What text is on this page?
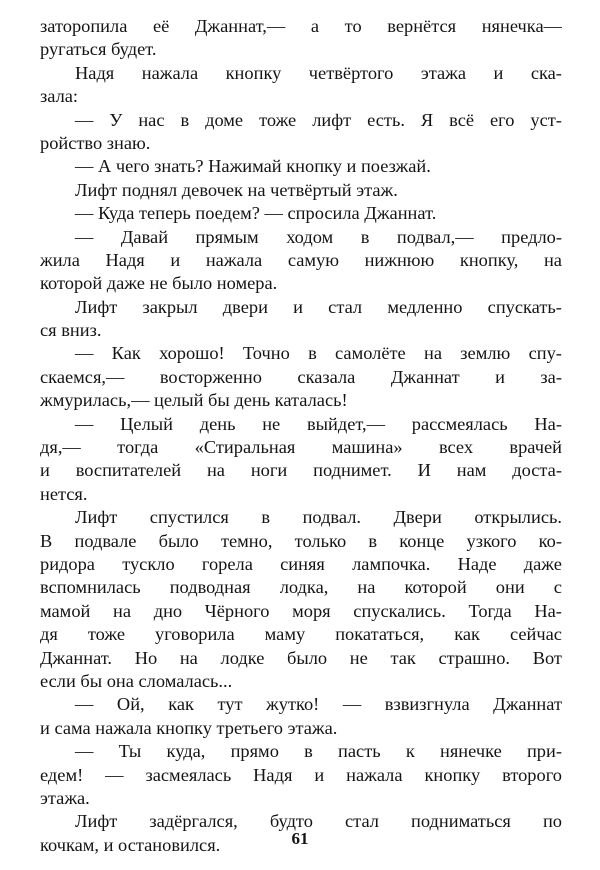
заторопила её Джаннат,— а то вернётся нянечка—
ругаться будет.
Надя нажала кнопку четвёртого этажа и ска-
зала:
— У нас в доме тоже лифт есть. Я всё его уст-
ройство знаю.
— А чего знать? Нажимай кнопку и поезжай.
Лифт поднял девочек на четвёртый этаж.
— Куда теперь поедем? — спросила Джаннат.
— Давай прямым ходом в подвал,— предло-
жила Надя и нажала самую нижнюю кнопку, на
которой даже не было номера.
Лифт закрыл двери и стал медленно спускать-
ся вниз.
— Как хорошо! Точно в самолёте на землю спу-
скаемся,— восторженно сказала Джаннат и за-
жмурилась,— целый бы день каталась!
— Целый день не выйдет,— рассмеялась На-
дя,— тогда «Стиральная машина» всех врачей
и воспитателей на ноги поднимет. И нам доста-
нется.
Лифт спустился в подвал. Двери открылись.
В подвале было темно, только в конце узкого ко-
ридора тускло горела синяя лампочка. Наде даже
вспомнилась подводная лодка, на которой они с
мамой на дно Чёрного моря спускались. Тогда На-
дя тоже уговорила маму покататься, как сейчас
Джаннат. Но на лодке было не так страшно. Вот
если бы она сломалась...
— Ой, как тут жутко! — взвизгнула Джаннат
и сама нажала кнопку третьего этажа.
— Ты куда, прямо в пасть к нянечке при-
едем! — засмеялась Надя и нажала кнопку второго
этажа.
Лифт задёргался, будто стал подниматься по
кочкам, и остановился.	61
